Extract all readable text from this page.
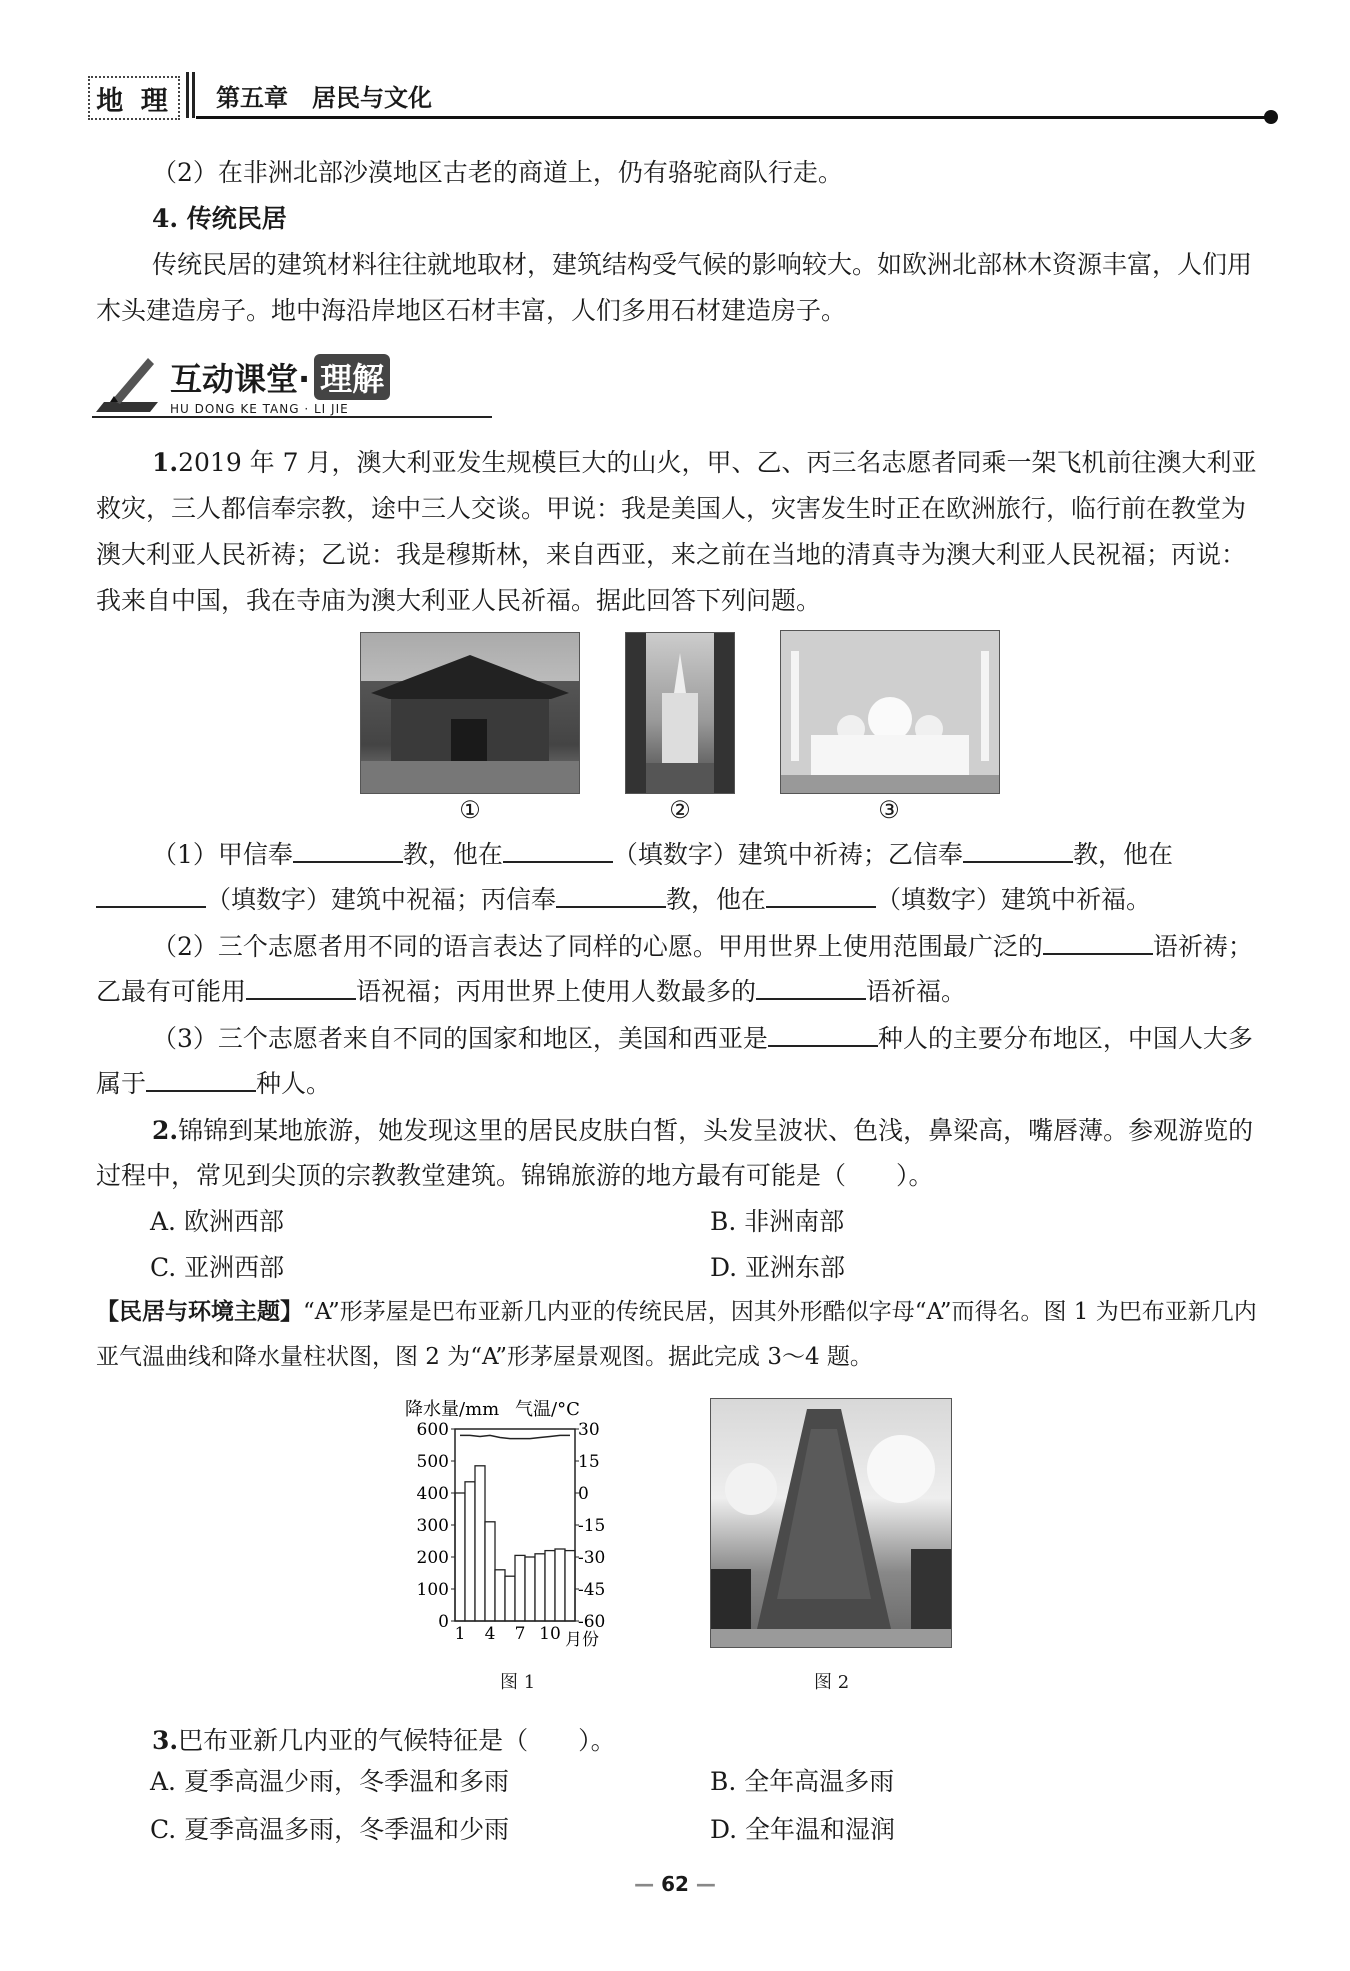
地 理	第五章　居民与文化
（2）在非洲北部沙漠地区古老的商道上，仍有骆驼商队行走。
4. 传统民居
传统民居的建筑材料往往就地取材，建筑结构受气候的影响较大。如欧洲北部林木资源丰富，人们用木头建造房子。地中海沿岸地区石材丰富，人们多用石材建造房子。
互动课堂· 理解
HU DONG KE TANG · LI JIE
1.2019 年 7 月，澳大利亚发生规模巨大的山火，甲、乙、丙三名志愿者同乘一架飞机前往澳大利亚救灾，三人都信奉宗教，途中三人交谈。甲说：我是美国人，灾害发生时正在欧洲旅行，临行前在教堂为澳大利亚人民祈祷；乙说：我是穆斯林，来自西亚，来之前在当地的清真寺为澳大利亚人民祝福；丙说：我来自中国，我在寺庙为澳大利亚人民祈福。据此回答下列问题。
①	②	③
（1）甲信奉	教，他在	（填数字）建筑中祈祷；乙信奉	教，他在（填数字）建筑中祝福；丙信奉	教，他在	（填数字）建筑中祈福。
（2）三个志愿者用不同的语言表达了同样的心愿。甲用世界上使用范围最广泛的	语祈祷；乙最有可能用	语祝福；丙用世界上使用人数最多的	语祈福。
（3）三个志愿者来自不同的国家和地区，美国和西亚是	种人的主要分布地区，中国人大多属于	种人。
2.锦锦到某地旅游，她发现这里的居民皮肤白皙，头发呈波状、色浅，鼻梁高，嘴唇薄。参观游览的过程中，常见到尖顶的宗教教堂建筑。锦锦旅游的地方最有可能是（　　）。
A. 欧洲西部	B. 非洲南部
C. 亚洲西部	D. 亚洲东部
【民居与环境主题】“A”形茅屋是巴布亚新几内亚的传统民居，因其外形酷似字母“A”而得名。图 1 为巴布亚新几内亚气温曲线和降水量柱状图，图 2 为“A”形茅屋景观图。据此完成 3～4 题。
降水量/mm 气温/°C
0
100
200
300
400
500
600	30
15
0
-15
-30
-45
-60
1 4 7 10 月份
图 1	图 2
3.巴布亚新几内亚的气候特征是（　　）。
A. 夏季高温少雨，冬季温和多雨	B. 全年高温多雨
C. 夏季高温多雨，冬季温和少雨	D. 全年温和湿润
— 62 —
